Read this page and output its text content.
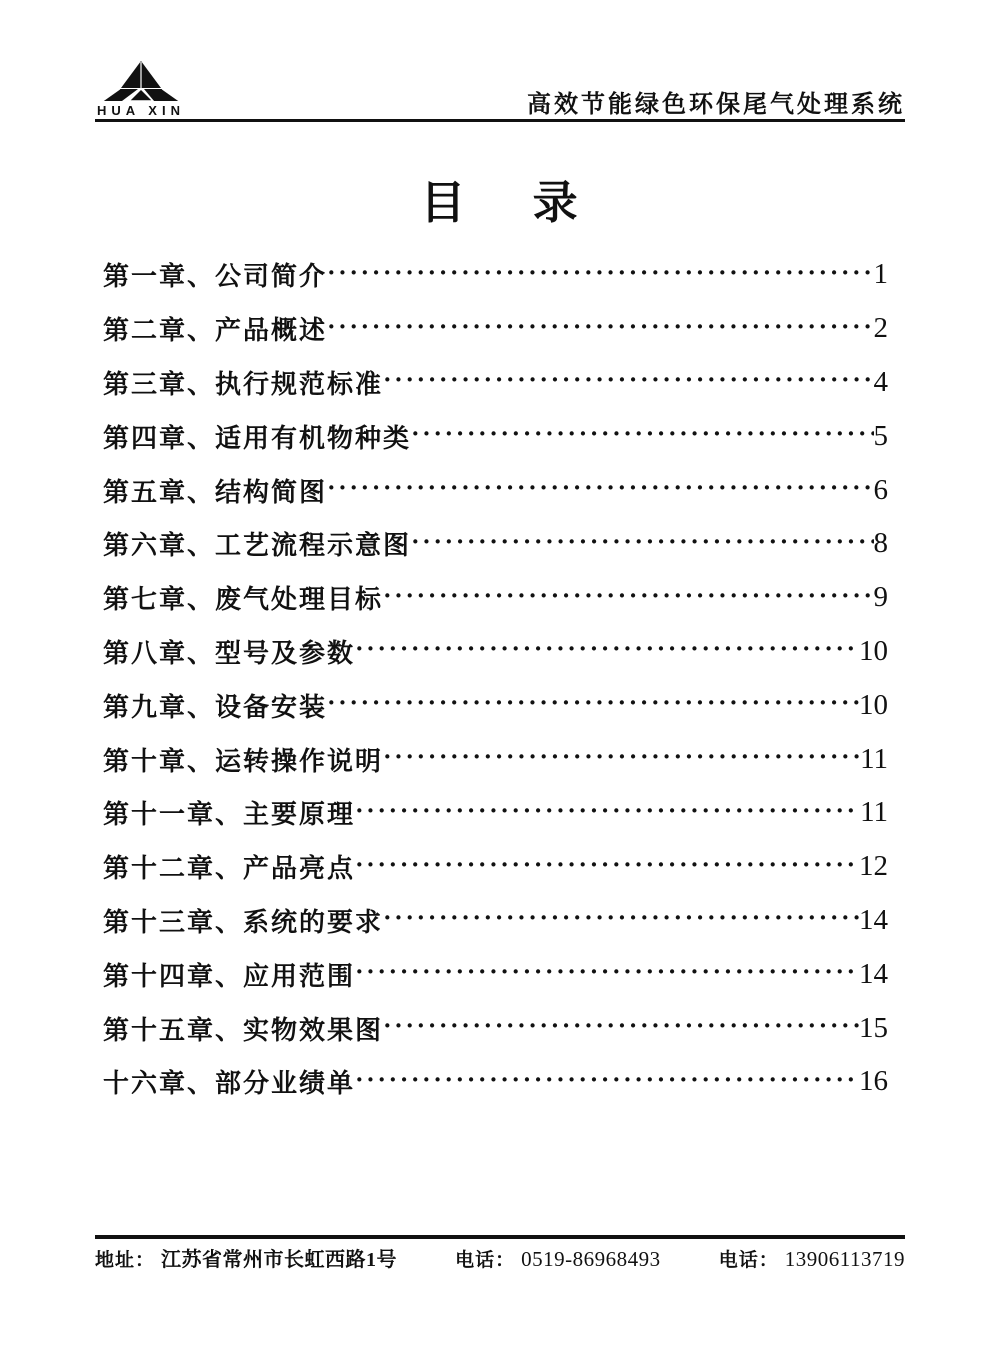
HUA XIN	高效节能绿色环保尾气处理系统
目 录
第一章、公司简介 ·····	1
第二章、产品概述 ·····	2
第三章、执行规范标准 ·····	4
第四章、适用有机物种类 ·····	5
第五章、结构简图 ·····	6
第六章、工艺流程示意图 ·····	8
第七章、废气处理目标 ·····	9
第八章、型号及参数 ·····	10
第九章、设备安装 ·····	10
第十章、运转操作说明 ·····	11
第十一章、主要原理 ·····	11
第十二章、产品亮点 ·····	12
第十三章、系统的要求 ·····	14
第十四章、应用范围 ·····	14
第十五章、实物效果图 ·····	15
十六章、部分业绩单 ·····	16
地址： 江苏省常州市长虹西路1号	电话： 0519-86968493	电话： 13906113719
